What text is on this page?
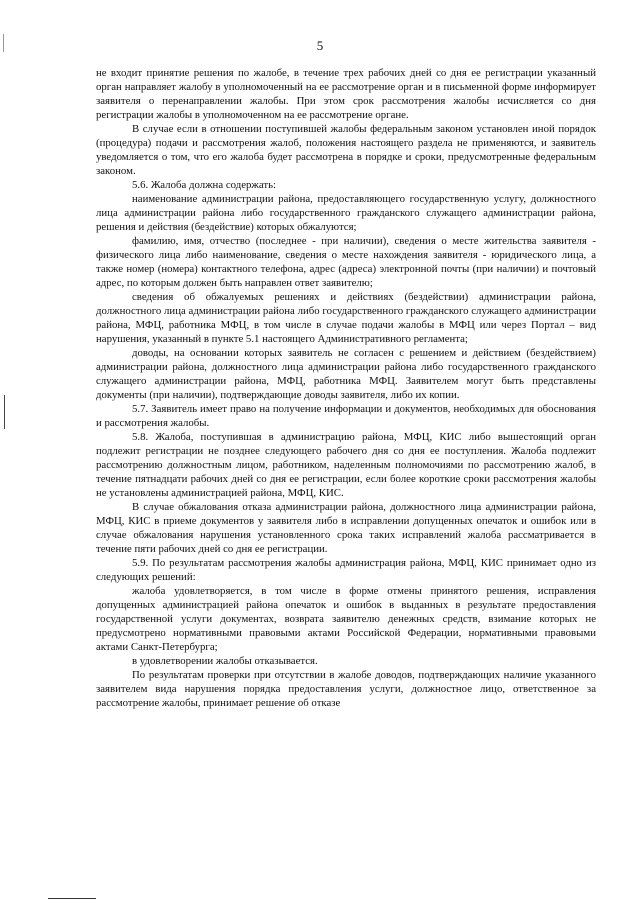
5

не входит принятие решения по жалобе, в течение трех рабочих дней со дня ее регистрации указанный орган направляет жалобу в уполномоченный на ее рассмотрение орган и в письменной форме информирует заявителя о перенаправлении жалобы. При этом срок рассмотрения жалобы исчисляется со дня регистрации жалобы в уполномоченном на ее рассмотрение органе.

В случае если в отношении поступившей жалобы федеральным законом установлен иной порядок (процедура) подачи и рассмотрения жалоб, положения настоящего раздела не применяются, и заявитель уведомляется о том, что его жалоба будет рассмотрена в порядке и сроки, предусмотренные федеральным законом.

5.6. Жалоба должна содержать:

наименование администрации района, предоставляющего государственную услугу, должностного лица администрации района либо государственного гражданского служащего администрации района, решения и действия (бездействие) которых обжалуются;

фамилию, имя, отчество (последнее - при наличии), сведения о месте жительства заявителя - физического лица либо наименование, сведения о месте нахождения заявителя - юридического лица, а также номер (номера) контактного телефона, адрес (адреса) электронной почты (при наличии) и почтовый адрес, по которым должен быть направлен ответ заявителю;

сведения об обжалуемых решениях и действиях (бездействии) администрации района, должностного лица администрации района либо государственного гражданского служащего администрации района, МФЦ, работника МФЦ, в том числе в случае подачи жалобы в МФЦ или через Портал – вид нарушения, указанный в пункте 5.1 настоящего Административного регламента;

доводы, на основании которых заявитель не согласен с решением и действием (бездействием) администрации района, должностного лица администрации района либо государственного гражданского служащего администрации района, МФЦ, работника МФЦ. Заявителем могут быть представлены документы (при наличии), подтверждающие доводы заявителя, либо их копии.

5.7. Заявитель имеет право на получение информации и документов, необходимых для обоснования и рассмотрения жалобы.

5.8. Жалоба, поступившая в администрацию района, МФЦ, КИС либо вышестоящий орган подлежит регистрации не позднее следующего рабочего дня со дня ее поступления. Жалоба подлежит рассмотрению должностным лицом, работником, наделенным полномочиями по рассмотрению жалоб, в течение пятнадцати рабочих дней со дня ее регистрации, если более короткие сроки рассмотрения жалобы не установлены администрацией района, МФЦ, КИС.

В случае обжалования отказа администрации района, должностного лица администрации района, МФЦ, КИС в приеме документов у заявителя либо в исправлении допущенных опечаток и ошибок или в случае обжалования нарушения установленного срока таких исправлений жалоба рассматривается в течение пяти рабочих дней со дня ее регистрации.

5.9. По результатам рассмотрения жалобы администрация района, МФЦ, КИС принимает одно из следующих решений:

жалоба удовлетворяется, в том числе в форме отмены принятого решения, исправления допущенных администрацией района опечаток и ошибок в выданных в результате предоставления государственной услуги документах, возврата заявителю денежных средств, взимание которых не предусмотрено нормативными правовыми актами Российской Федерации, нормативными правовыми актами Санкт-Петербурга;

в удовлетворении жалобы отказывается.

По результатам проверки при отсутствии в жалобе доводов, подтверждающих наличие указанного заявителем вида нарушения порядка предоставления услуги, должностное лицо, ответственное за рассмотрение жалобы, принимает решение об отказе
